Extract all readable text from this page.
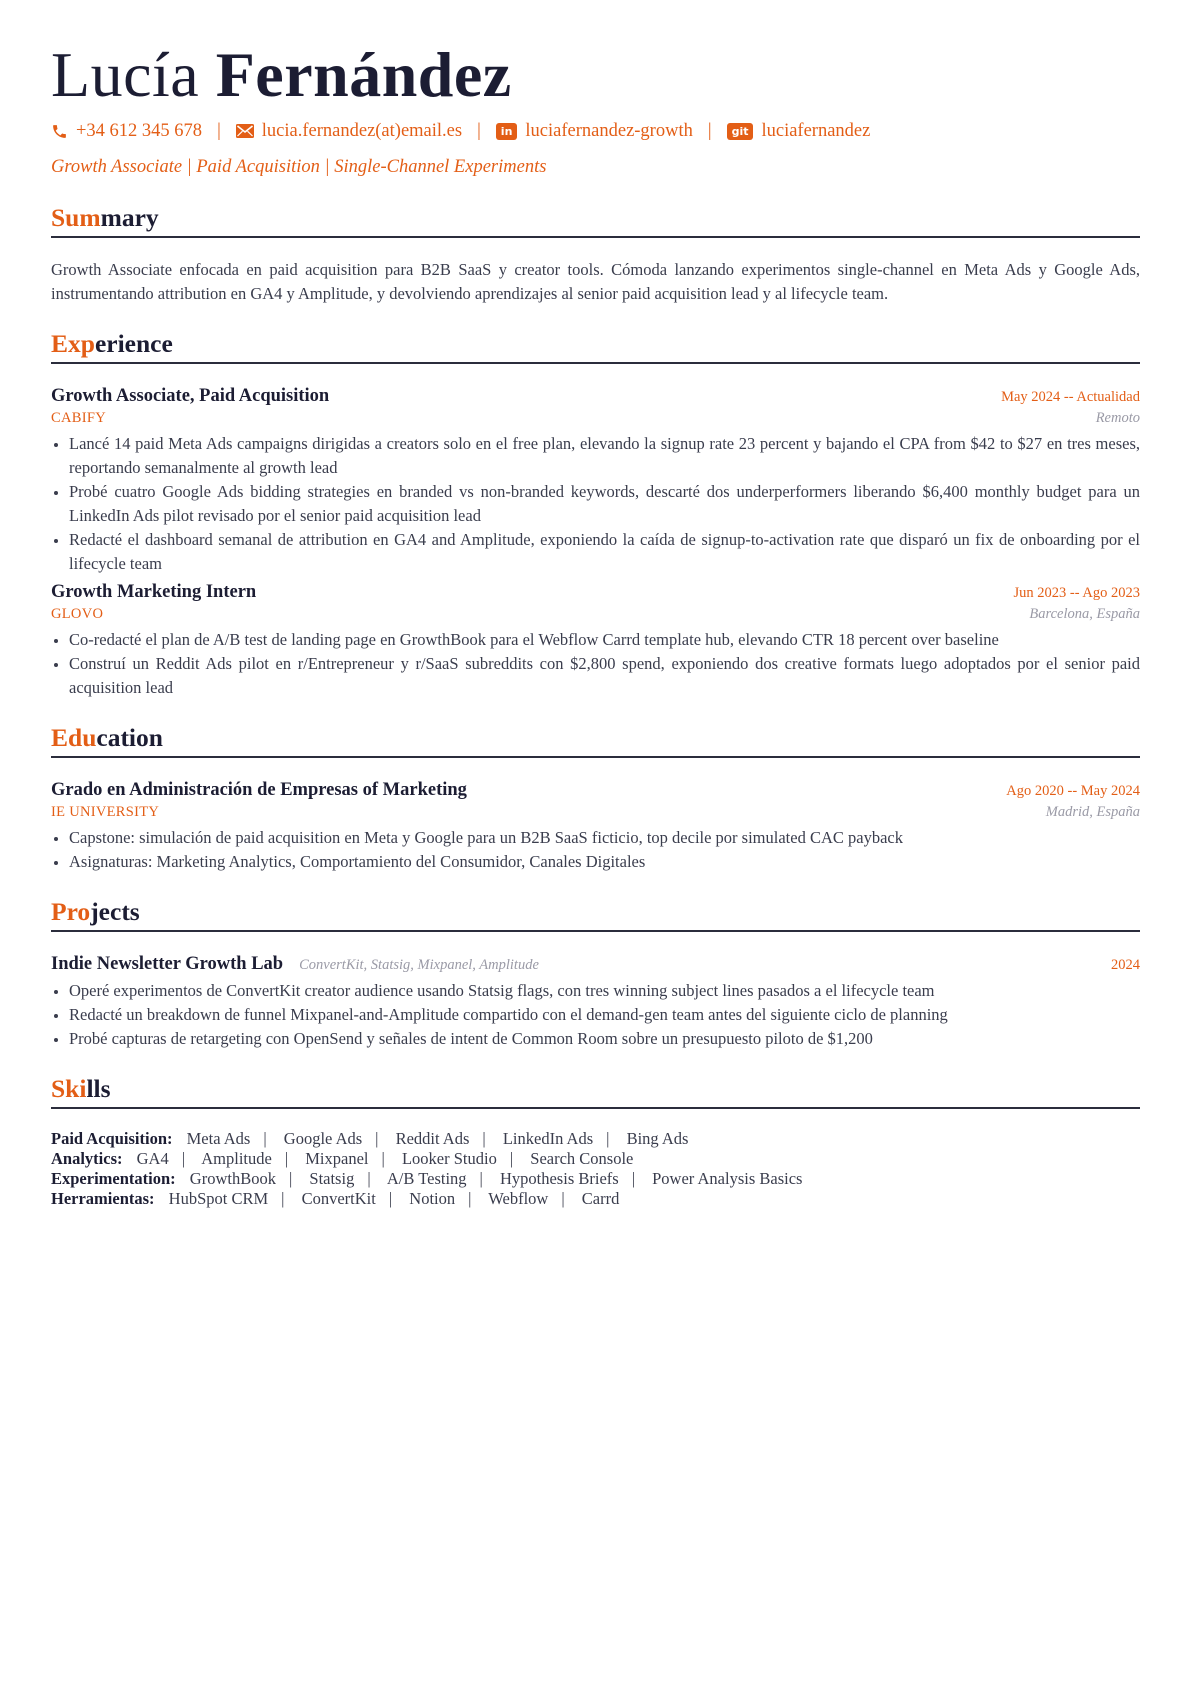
Lucía Fernández
+34 612 345 678 | lucia.fernandez(at)email.es |	in luciafernandez-growth |	git luciafernandez
Growth Associate | Paid Acquisition | Single-Channel Experiments
Summary
Growth Associate enfocada en paid acquisition para B2B SaaS y creator tools. Cómoda lanzando experimentos single-channel en Meta Ads y Google Ads, instrumentando attribution en GA4 y Amplitude, y devolviendo aprendizajes al senior paid acquisition lead y al lifecycle team.
Experience
Growth Associate, Paid Acquisition	May 2024 -- Actualidad
CABIFY	Remoto
• Lancé 14 paid Meta Ads campaigns dirigidas a creators solo en el free plan, elevando la signup rate 23 percent y bajando el CPA from $42 to $27 en tres meses, reportando semanalmente al growth lead
• Probé cuatro Google Ads bidding strategies en branded vs non-branded keywords, descarté dos underperformers liberando $6,400 monthly budget para un LinkedIn Ads pilot revisado por el senior paid acquisition lead
• Redacté el dashboard semanal de attribution en GA4 and Amplitude, exponiendo la caída de signup-to-activation rate que disparó un fix de onboarding por el lifecycle team
Growth Marketing Intern	Jun 2023 -- Ago 2023
GLOVO	Barcelona, España
• Co-redacté el plan de A/B test de landing page en GrowthBook para el Webflow Carrd template hub, elevando CTR 18 percent over baseline
• Construí un Reddit Ads pilot en r/Entrepreneur y r/SaaS subreddits con $2,800 spend, exponiendo dos creative formats luego adoptados por el senior paid acquisition lead
Education
Grado en Administración de Empresas of Marketing	Ago 2020 -- May 2024
IE UNIVERSITY	Madrid, España
• Capstone: simulación de paid acquisition en Meta y Google para un B2B SaaS ficticio, top decile por simulated CAC payback
• Asignaturas: Marketing Analytics, Comportamiento del Consumidor, Canales Digitales
Projects
Indie Newsletter Growth Lab ConvertKit, Statsig, Mixpanel, Amplitude	2024
• Operé experimentos de ConvertKit creator audience usando Statsig flags, con tres winning subject lines pasados a el lifecycle team
• Redacté un breakdown de funnel Mixpanel-and-Amplitude compartido con el demand-gen team antes del siguiente ciclo de planning
• Probé capturas de retargeting con OpenSend y señales de intent de Common Room sobre un presupuesto piloto de $1,200
Skills
Paid Acquisition: Meta Ads | Google Ads | Reddit Ads | LinkedIn Ads | Bing Ads
Analytics: GA4 | Amplitude | Mixpanel | Looker Studio | Search Console
Experimentation: GrowthBook | Statsig | A/B Testing | Hypothesis Briefs | Power Analysis Basics
Herramientas: HubSpot CRM | ConvertKit | Notion | Webflow | Carrd
